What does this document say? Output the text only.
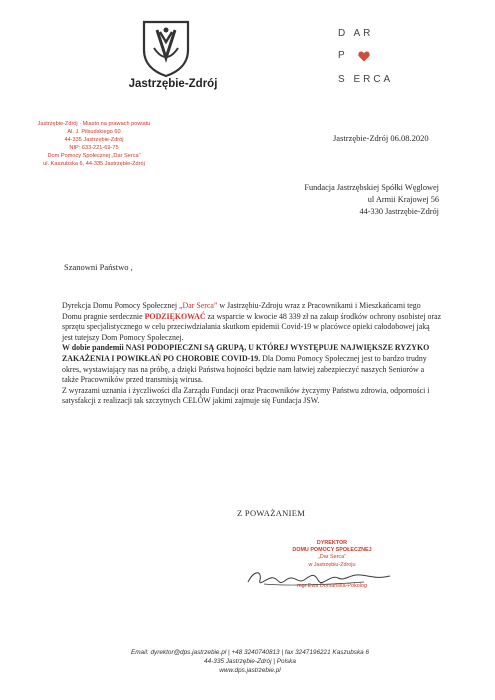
Jastrzębie-Zdrój
D AR
P
S ERCA
Jastrzębie-Zdrój · Miasto na prawach powiatu
Al. J. Piłsudskiego 60
44-335 Jastrzębie-Zdrój
NIP: 633-221-69-75
Dom Pomocy Społecznej „Dar Serca”
ul. Kaszubska 6, 44-335 Jastrzębie-Zdrój
Jastrzębie-Zdrój 06.08.2020
Fundacja Jastrzębskiej Spółki Węglowej
ul Armii Krajowej 56
44-330 Jastrzębie-Zdrój
Szanowni Państwo ,

Dyrekcja Domu Pomocy Społecznej „Dar Serca” w Jastrzębiu-Zdroju wraz z Pracownikami i Mieszkańcami tego Domu pragnie serdecznie PODZIĘKOWAĆ za wsparcie w kwocie 48 339 zł na zakup środków ochrony osobistej oraz sprzętu specjalistycznego w celu przeciwdziałania skutkom epidemii Covid-19 w placówce opieki całodobowej jaką jest tutejszy Dom Pomocy Społecznej.

W dobie pandemii NASI PODOPIECZNI SĄ GRUPĄ, U KTÓREJ WYSTĘPUJE NAJWIĘKSZE RYZYKO ZAKAŻENIA I POWIKŁAŃ PO CHOROBIE COVID-19. Dla Domu Pomocy Społecznej jest to bardzo trudny okres, wystawiający nas na próbę, a dzięki Państwa hojności będzie nam łatwiej zabezpieczyć naszych Seniorów a także Pracowników przed transmisją wirusa.

Z wyrazami uznania i życzliwości dla Zarządu Fundacji oraz Pracowników życzymy Państwu zdrowia, odporności i satysfakcji z realizacji tak szczytnych CELÓW jakimi zajmuje się Fundacja JSW.

Z POWAŻANIEM
DYREKTOR
DOMU POMOCY SPOŁECZNEJ
„Dar Serca”
w Jastrzębiu-Zdroju
mgr Ewa Domańska-Pokolog
Email: dyrektor@dps.jastrzebie.pl | +48 3240740813 | fax 3247196221 Kaszubska 6
44-335 Jastrzębie-Zdrój | Polska
www.dps.jastrzebie.pl
